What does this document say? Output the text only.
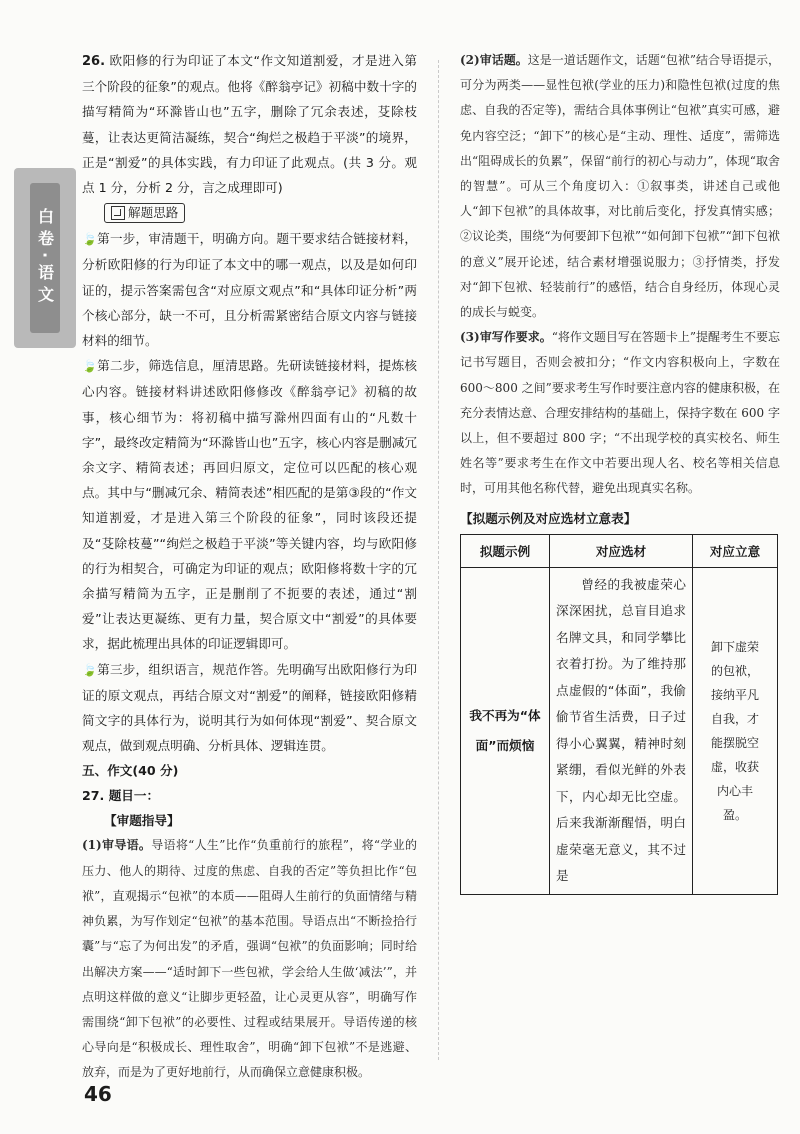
白卷·语文

26. 欧阳修的行为印证了本文“作文知道割爱，才是进入第三个阶段的征象”的观点。他将《醉翁亭记》初稿中数十字的描写精简为“环滁皆山也”五字，删除了冗余表述，芟除枝蔓，让表达更简洁凝练，契合“绚烂之极趋于平淡”的境界，正是“割爱”的具体实践，有力印证了此观点。(共 3 分。观点 1 分，分析 2 分，言之成理即可)

解题思路

🍃第一步，审清题干，明确方向。题干要求结合链接材料，分析欧阳修的行为印证了本文中的哪一观点，以及是如何印证的，提示答案需包含“对应原文观点”和“具体印证分析”两个核心部分，缺一不可，且分析需紧密结合原文内容与链接材料的细节。

🍃第二步，筛选信息，厘清思路。先研读链接材料，提炼核心内容。链接材料讲述欧阳修修改《醉翁亭记》初稿的故事，核心细节为：将初稿中描写滁州四面有山的“凡数十字”，最终改定精简为“环滁皆山也”五字，核心内容是删减冗余文字、精简表述；再回归原文，定位可以匹配的核心观点。其中与“删减冗余、精简表述”相匹配的是第③段的“作文知道割爱，才是进入第三个阶段的征象”，同时该段还提及“芟除枝蔓”“绚烂之极趋于平淡”等关键内容，均与欧阳修的行为相契合，可确定为印证的观点；欧阳修将数十字的冗余描写精简为五字，正是删削了不扼要的表述，通过“割爱”让表达更凝练、更有力量，契合原文中“割爱”的具体要求，据此梳理出具体的印证逻辑即可。

🍃第三步，组织语言，规范作答。先明确写出欧阳修行为印证的原文观点，再结合原文对“割爱”的阐释，链接欧阳修精简文字的具体行为，说明其行为如何体现“割爱”、契合原文观点，做到观点明确、分析具体、逻辑连贯。

五、作文(40 分)
27. 题目一：
【审题指导】

(1)审导语。导语将“人生”比作“负重前行的旅程”，将“学业的压力、他人的期待、过度的焦虑、自我的否定”等负担比作“包袱”，直观揭示“包袱”的本质——阻碍人生前行的负面情绪与精神负累，为写作划定“包袱”的基本范围。导语点出“不断捡拾行囊”与“忘了为何出发”的矛盾，强调“包袱”的负面影响；同时给出解决方案——“适时卸下一些包袱，学会给人生做‘减法’”，并点明这样做的意义“让脚步更轻盈，让心灵更从容”，明确写作需围绕“卸下包袱”的必要性、过程或结果展开。导语传递的核心导向是“积极成长、理性取舍”，明确“卸下包袱”不是逃避、放弃，而是为了更好地前行，从而确保立意健康积极。

(2)审话题。这是一道话题作文，话题“包袱”结合导语提示，可分为两类——显性包袱(学业的压力)和隐性包袱(过度的焦虑、自我的否定等)，需结合具体事例让“包袱”真实可感，避免内容空泛；“卸下”的核心是“主动、理性、适度”，需筛选出“阻碍成长的负累”，保留“前行的初心与动力”，体现“取舍的智慧”。可从三个角度切入：①叙事类，讲述自己或他人“卸下包袱”的具体故事，对比前后变化，抒发真情实感；②议论类，围绕“为何要卸下包袱”“如何卸下包袱”“卸下包袱的意义”展开论述，结合素材增强说服力；③抒情类，抒发对“卸下包袱、轻装前行”的感悟，结合自身经历，体现心灵的成长与蜕变。

(3)审写作要求。“将作文题目写在答题卡上”提醒考生不要忘记书写题目，否则会被扣分；“作文内容积极向上，字数在 600～800 之间”要求考生写作时要注意内容的健康积极，在充分表情达意、合理安排结构的基础上，保持字数在 600 字以上，但不要超过 800 字；“不出现学校的真实校名、师生姓名等”要求考生在作文中若要出现人名、校名等相关信息时，可用其他名称代替，避免出现真实名称。

【拟题示例及对应选材立意表】
拟题示例	对应选材	对应立意
我不再为“体面”而烦恼	曾经的我被虚荣心深深困扰，总盲目追求名牌文具，和同学攀比衣着打扮。为了维持那点虚假的“体面”，我偷偷节省生活费，日子过得小心翼翼，精神时刻紧绷，看似光鲜的外表下，内心却无比空虚。后来我渐渐醒悟，明白虚荣毫无意义，其不过是	卸下虚荣的包袱，接纳平凡自我，才能摆脱空虚，收获内心丰盈。
46
